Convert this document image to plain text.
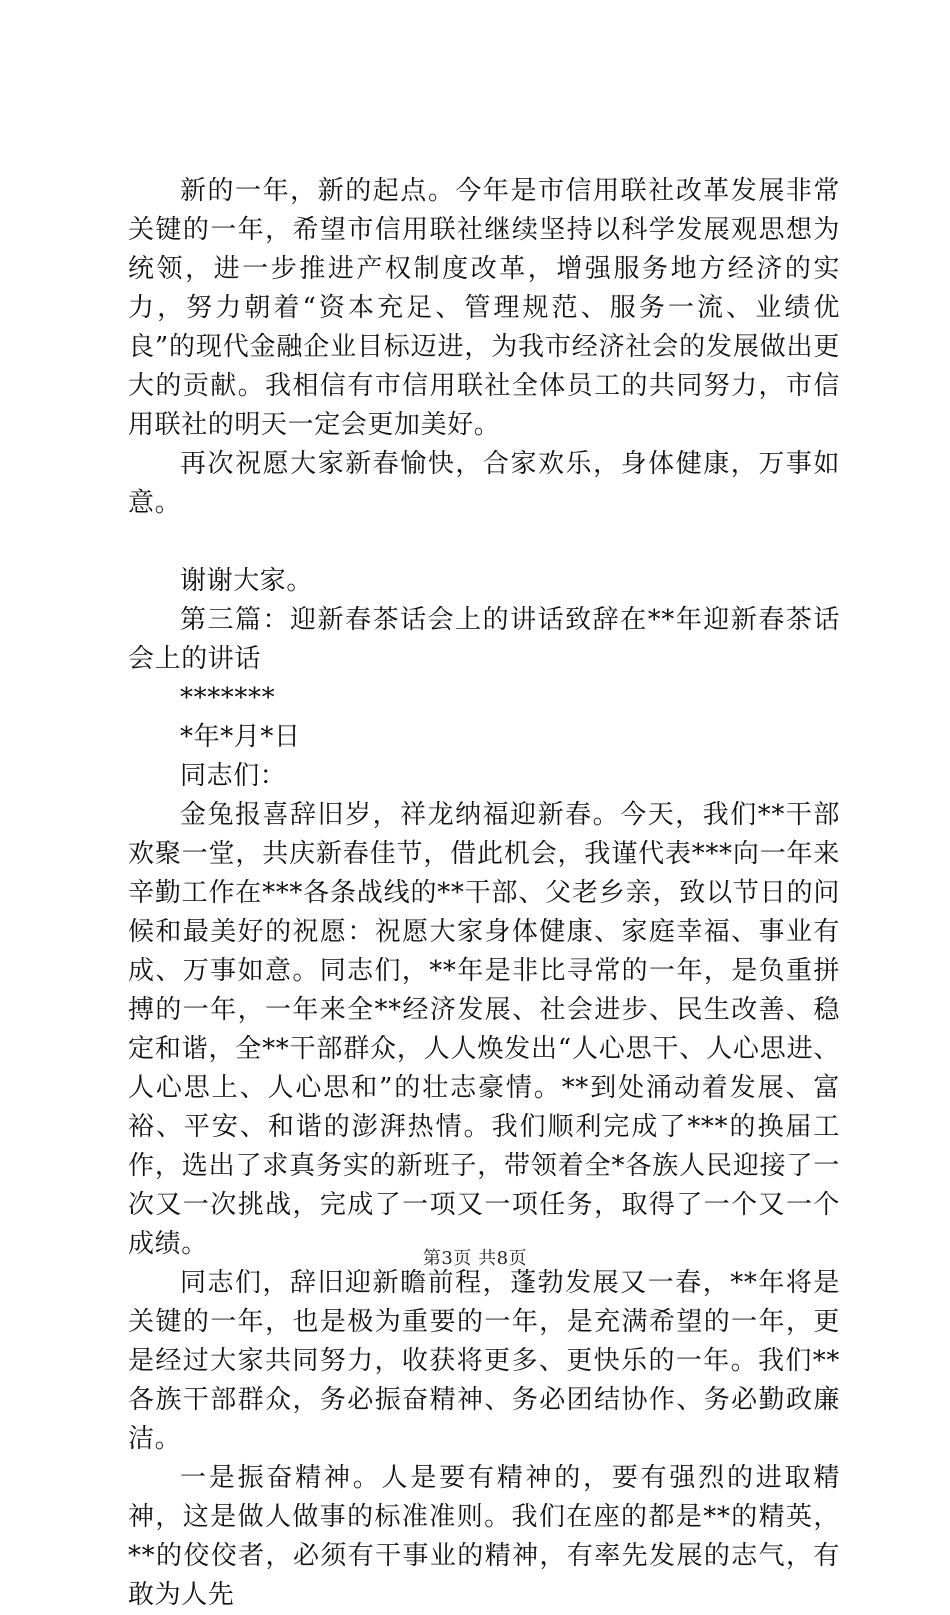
新的一年，新的起点。今年是市信用联社改革发展非常关键的一年，希望市信用联社继续坚持以科学发展观思想为统领，进一步推进产权制度改革，增强服务地方经济的实力，努力朝着“资本充足、管理规范、服务一流、业绩优良”的现代金融企业目标迈进，为我市经济社会的发展做出更大的贡献。我相信有市信用联社全体员工的共同努力，市信用联社的明天一定会更加美好。

再次祝愿大家新春愉快，合家欢乐，身体健康，万事如意。

谢谢大家。

第三篇：迎新春茶话会上的讲话致辞在**年迎新春茶话会上的讲话

*******

*年*月*日

同志们：

金兔报喜辞旧岁，祥龙纳福迎新春。今天，我们**干部欢聚一堂，共庆新春佳节，借此机会，我谨代表***向一年来辛勤工作在***各条战线的**干部、父老乡亲，致以节日的问候和最美好的祝愿：祝愿大家身体健康、家庭幸福、事业有成、万事如意。同志们，**年是非比寻常的一年，是负重拼搏的一年，一年来全**经济发展、社会进步、民生改善、稳定和谐，全**干部群众，人人焕发出“人心思干、人心思进、人心思上、人心思和”的壮志豪情。**到处涌动着发展、富裕、平安、和谐的澎湃热情。我们顺利完成了***的换届工作，选出了求真务实的新班子，带领着全*各族人民迎接了一次又一次挑战，完成了一项又一项任务，取得了一个又一个成绩。

同志们，辞旧迎新瞻前程，蓬勃发展又一春，**年将是关键的一年，也是极为重要的一年，是充满希望的一年，更是经过大家共同努力，收获将更多、更快乐的一年。我们**各族干部群众，务必振奋精神、务必团结协作、务必勤政廉洁。

一是振奋精神。人是要有精神的，要有强烈的进取精神，这是做人做事的标准准则。我们在座的都是**的精英，**的佼佼者，必须有干事业的精神，有率先发展的志气，有敢为人先

第3页 共8页
